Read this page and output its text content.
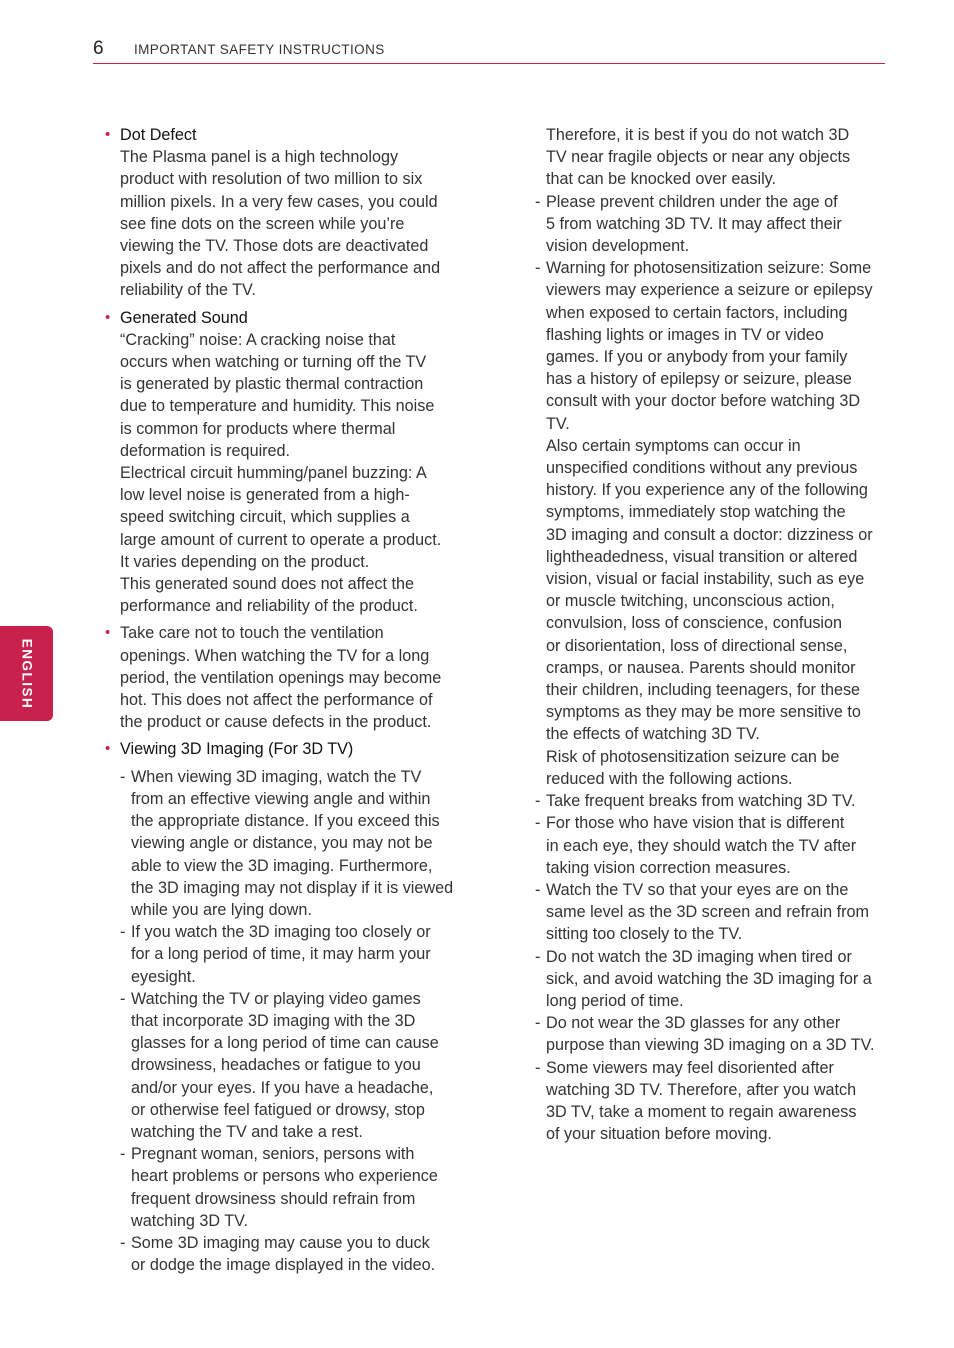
6 IMPORTANT SAFETY INSTRUCTIONS
ENGLISH
• Dot Defect
The Plasma panel is a high technology
product with resolution of two million to six
million pixels. In a very few cases, you could
see fine dots on the screen while you’re
viewing the TV. Those dots are deactivated
pixels and do not affect the performance and
reliability of the TV.
• Generated Sound
“Cracking” noise: A cracking noise that
occurs when watching or turning off the TV
is generated by plastic thermal contraction
due to temperature and humidity. This noise
is common for products where thermal
deformation is required.
Electrical circuit humming/panel buzzing: A
low level noise is generated from a high-
speed switching circuit, which supplies a
large amount of current to operate a product.
It varies depending on the product.
This generated sound does not affect the
performance and reliability of the product.
• Take care not to touch the ventilation
openings. When watching the TV for a long
period, the ventilation openings may become
hot. This does not affect the performance of
the product or cause defects in the product.
• Viewing 3D Imaging (For 3D TV)
- When viewing 3D imaging, watch the TV
from an effective viewing angle and within
the appropriate distance. If you exceed this
viewing angle or distance, you may not be
able to view the 3D imaging. Furthermore,
the 3D imaging may not display if it is viewed
while you are lying down.
- If you watch the 3D imaging too closely or
for a long period of time, it may harm your
eyesight.
- Watching the TV or playing video games
that incorporate 3D imaging with the 3D
glasses for a long period of time can cause
drowsiness, headaches or fatigue to you
and/or your eyes. If you have a headache,
or otherwise feel fatigued or drowsy, stop
watching the TV and take a rest.
- Pregnant woman, seniors, persons with
heart problems or persons who experience
frequent drowsiness should refrain from
watching 3D TV.
- Some 3D imaging may cause you to duck
or dodge the image displayed in the video.
Therefore, it is best if you do not watch 3D
TV near fragile objects or near any objects
that can be knocked over easily.
- Please prevent children under the age of
5 from watching 3D TV. It may affect their
vision development.
- Warning for photosensitization seizure: Some
viewers may experience a seizure or epilepsy
when exposed to certain factors, including
flashing lights or images in TV or video
games. If you or anybody from your family
has a history of epilepsy or seizure, please
consult with your doctor before watching 3D
TV.
Also certain symptoms can occur in
unspecified conditions without any previous
history. If you experience any of the following
symptoms, immediately stop watching the
3D imaging and consult a doctor: dizziness or
lightheadedness, visual transition or altered
vision, visual or facial instability, such as eye
or muscle twitching, unconscious action,
convulsion, loss of conscience, confusion
or disorientation, loss of directional sense,
cramps, or nausea. Parents should monitor
their children, including teenagers, for these
symptoms as they may be more sensitive to
the effects of watching 3D TV.
Risk of photosensitization seizure can be
reduced with the following actions.
- Take frequent breaks from watching 3D TV.
- For those who have vision that is different
in each eye, they should watch the TV after
taking vision correction measures.
- Watch the TV so that your eyes are on the
same level as the 3D screen and refrain from
sitting too closely to the TV.
- Do not watch the 3D imaging when tired or
sick, and avoid watching the 3D imaging for a
long period of time.
- Do not wear the 3D glasses for any other
purpose than viewing 3D imaging on a 3D TV.
- Some viewers may feel disoriented after
watching 3D TV. Therefore, after you watch
3D TV, take a moment to regain awareness
of your situation before moving.
